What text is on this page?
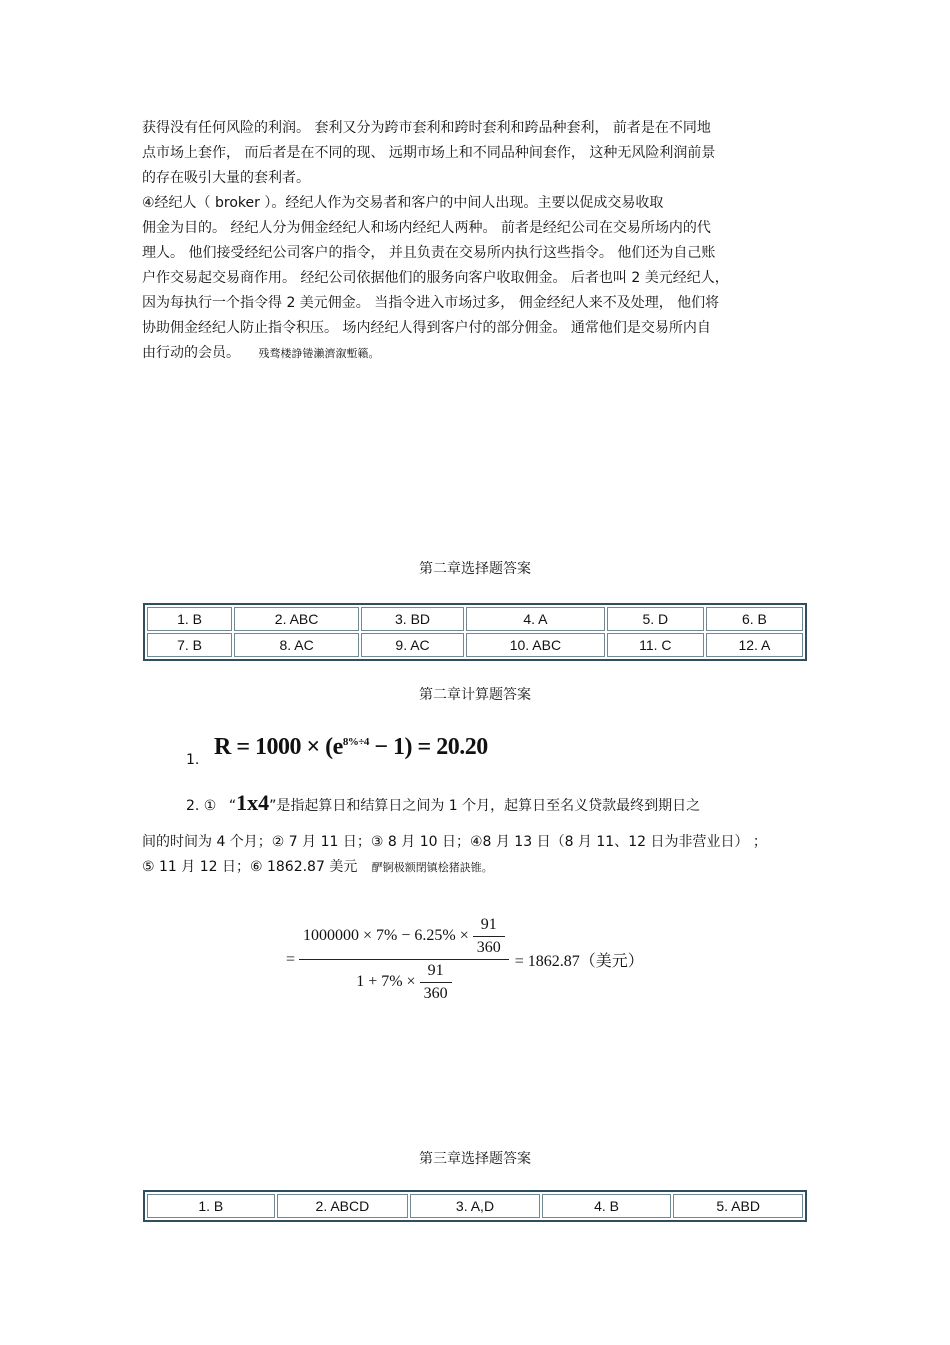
获得没有任何风险的利润。 套利又分为跨市套利和跨时套利和跨品种套利， 前者是在不同地
点市场上套作， 而后者是在不同的现、 远期市场上和不同品种间套作， 这种无风险利润前景
的存在吸引大量的套利者。
④经纪人（ broker ）。经纪人作为交易者和客户的中间人出现。主要以促成交易收取
佣金为目的。 经纪人分为佣金经纪人和场内经纪人两种。 前者是经纪公司在交易所场内的代
理人。 他们接受经纪公司客户的指令， 并且负责在交易所内执行这些指令。 他们还为自己账
户作交易起交易商作用。 经纪公司依据他们的服务向客户收取佣金。 后者也叫 2 美元经纪人，
因为每执行一个指令得 2 美元佣金。 当指令进入市场过多， 佣金经纪人来不及处理， 他们将
协助佣金经纪人防止指令积压。 场内经纪人得到客户付的部分佣金。 通常他们是交易所内自
由行动的会员。 残骛楼諍锩瀨濟溆塹籟。
第二章选择题答案
1. B	2. ABC	3. BD	4. A	5. D	6. B
7. B	8. AC	9. AC	10. ABC	11. C	12. A
第二章计算题答案
1. $R = 1000 \times (e^{8\%\div 4} - 1) = 20.20$
2. ① “1x4”是指起算日和结算日之间为 1 个月，起算日至名义贷款最终到期日之
间的时间为 4 个月；② 7 月 11 日；③ 8 月 10 日；④8 月 13 日（8 月 11、12 日为非营业日） ；
⑤ 11 月 12 日；⑥ 1862.87 美元 酽锕极额閉镇桧猪訣锥。
= $\frac{1000000 \times 7\% - 6.25\% \times \frac{91}{360}}{1 + 7\% \times \frac{91}{360}} = 1862.87$（美元）
第三章选择题答案
1. B	2. ABCD	3. A,D	4. B	5. ABD
